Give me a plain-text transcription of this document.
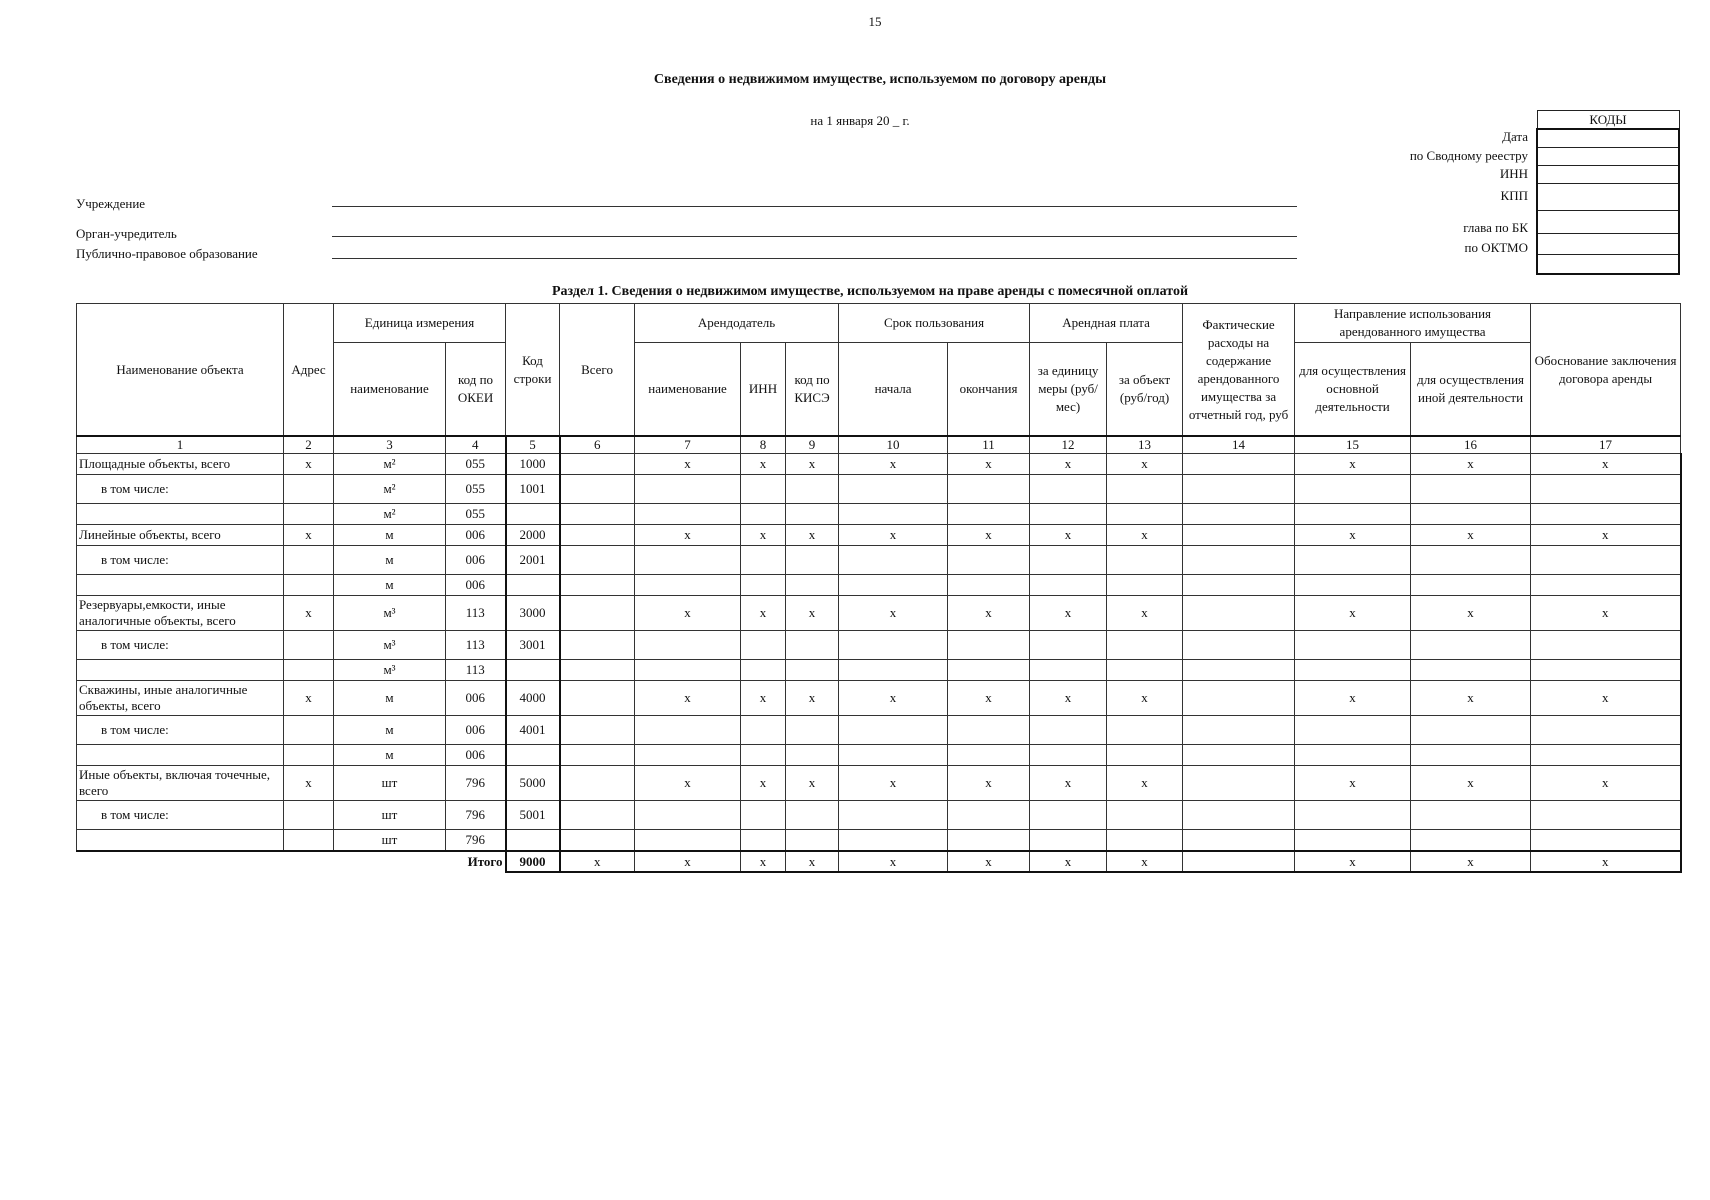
15
Сведения о недвижимом имуществе, используемом по договору аренды
на 1 января 20 _ г.	КОДЫ

Дата
по Сводному реестру
ИНН
КПП
глава по БК
по ОКТМО
Учреждение
Орган-учредитель
Публично-правовое образование
Раздел 1. Сведения о недвижимом имуществе, используемом на праве аренды с помесячной оплатой
Наименование объекта	Адрес	Единица измерения		Код строки	Всего	Арендодатель			Срок пользования		Арендная плата		Фактические расходы на содержание арендованного имущества за отчетный год, руб	Направление использования арендованного имущества		Обоснование заключения договора аренды
		наименование	код по ОКЕИ			наименование	ИНН	код по КИСЭ	начала	окончания	за единицу меры (руб/мес)	за объект (руб/год)		для осуществления основной деятельности	для осуществления иной деятельности	
1	2	3	4	5	6	7	8	9	10	11	12	13	14	15	16	17
Площадные объекты, всего	x	м²	055	1000		x	x	x	x	x	x	x		x	x	x
в том числе:		м²	055	1001												
		м²	055													
Линейные объекты, всего	x	м	006	2000		x	x	x	x	x	x	x		x	x	x
в том числе:		м	006	2001												
		м	006													
Резервуары,емкости, иные аналогичные объекты, всего	x	м³	113	3000		x	x	x	x	x	x	x		x	x	x
в том числе:		м³	113	3001												
		м³	113													
Скважины, иные аналогичные объекты, всего	x	м	006	4000		x	x	x	x	x	x	x		x	x	x
в том числе:		м	006	4001												
		м	006													
Иные объекты, включая точечные, всего	x	шт	796	5000		x	x	x	x	x	x	x		x	x	x
в том числе:		шт	796	5001												
		шт	796													
Итого				9000	x	x	x	x	x	x	x	x		x	x	x
